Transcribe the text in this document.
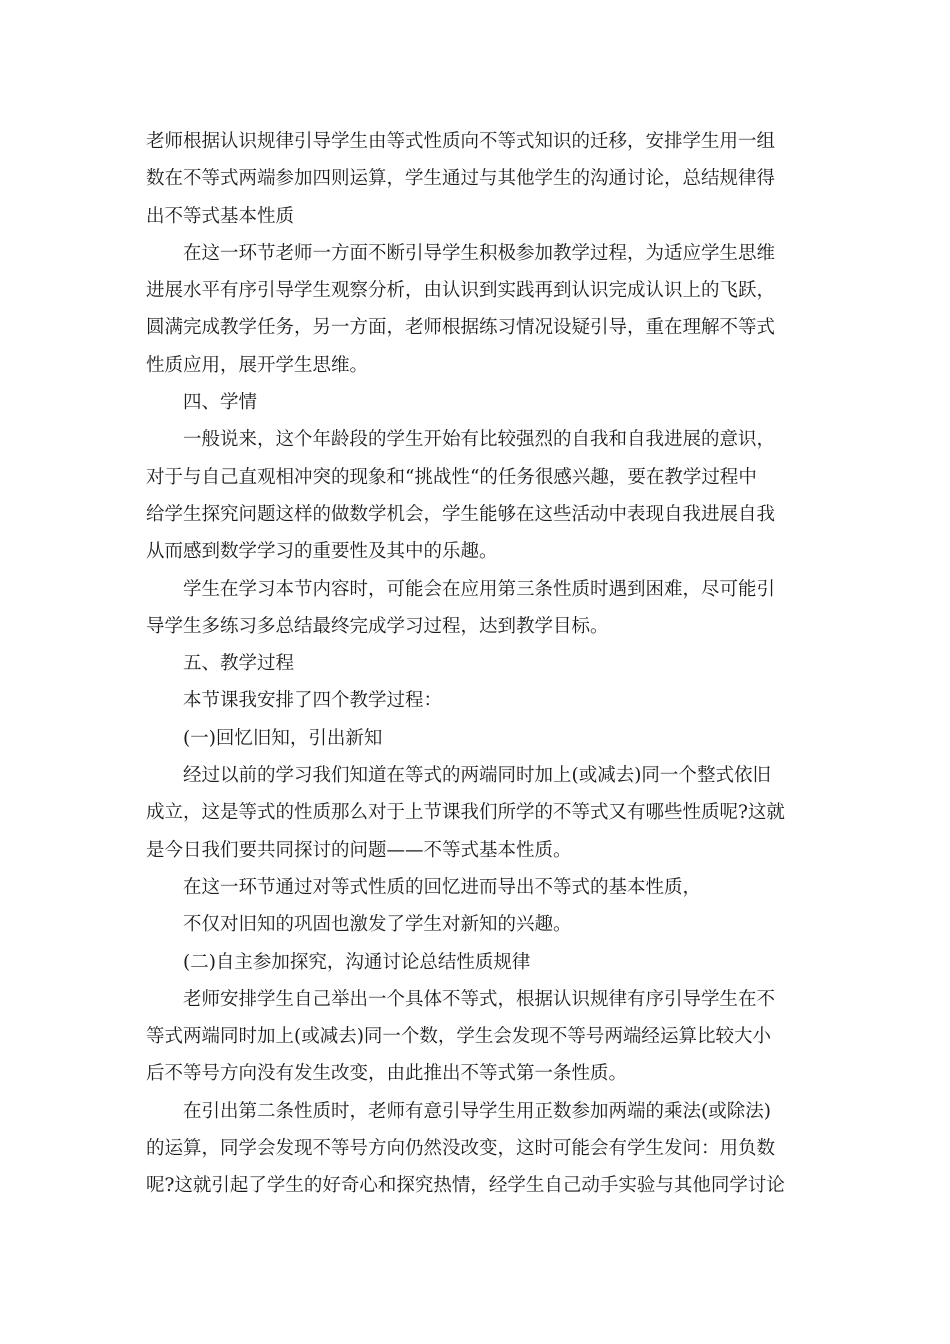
老师根据认识规律引导学生由等式性质向不等式知识的迁移，安排学生用一组
数在不等式两端参加四则运算，学生通过与其他学生的沟通讨论，总结规律得
出不等式基本性质
在这一环节老师一方面不断引导学生积极参加教学过程，为适应学生思维
进展水平有序引导学生观察分析，由认识到实践再到认识完成认识上的飞跃，
圆满完成教学任务，另一方面，老师根据练习情况设疑引导，重在理解不等式
性质应用，展开学生思维。
四、学情
一般说来，这个年龄段的学生开始有比较强烈的自我和自我进展的意识，
对于与自己直观相冲突的现象和“挑战性“的任务很感兴趣，要在教学过程中
给学生探究问题这样的做数学机会，学生能够在这些活动中表现自我进展自我
从而感到数学学习的重要性及其中的乐趣。
学生在学习本节内容时，可能会在应用第三条性质时遇到困难，尽可能引
导学生多练习多总结最终完成学习过程，达到教学目标。
五、教学过程
本节课我安排了四个教学过程：
(一)回忆旧知，引出新知
经过以前的学习我们知道在等式的两端同时加上(或减去)同一个整式依旧
成立，这是等式的性质那么对于上节课我们所学的不等式又有哪些性质呢?这就
是今日我们要共同探讨的问题——不等式基本性质。
在这一环节通过对等式性质的回忆进而导出不等式的基本性质，
不仅对旧知的巩固也激发了学生对新知的兴趣。
(二)自主参加探究，沟通讨论总结性质规律
老师安排学生自己举出一个具体不等式，根据认识规律有序引导学生在不
等式两端同时加上(或减去)同一个数，学生会发现不等号两端经运算比较大小
后不等号方向没有发生改变，由此推出不等式第一条性质。
在引出第二条性质时，老师有意引导学生用正数参加两端的乘法(或除法)
的运算，同学会发现不等号方向仍然没改变，这时可能会有学生发问：用负数
呢?这就引起了学生的好奇心和探究热情，经学生自己动手实验与其他同学讨论
